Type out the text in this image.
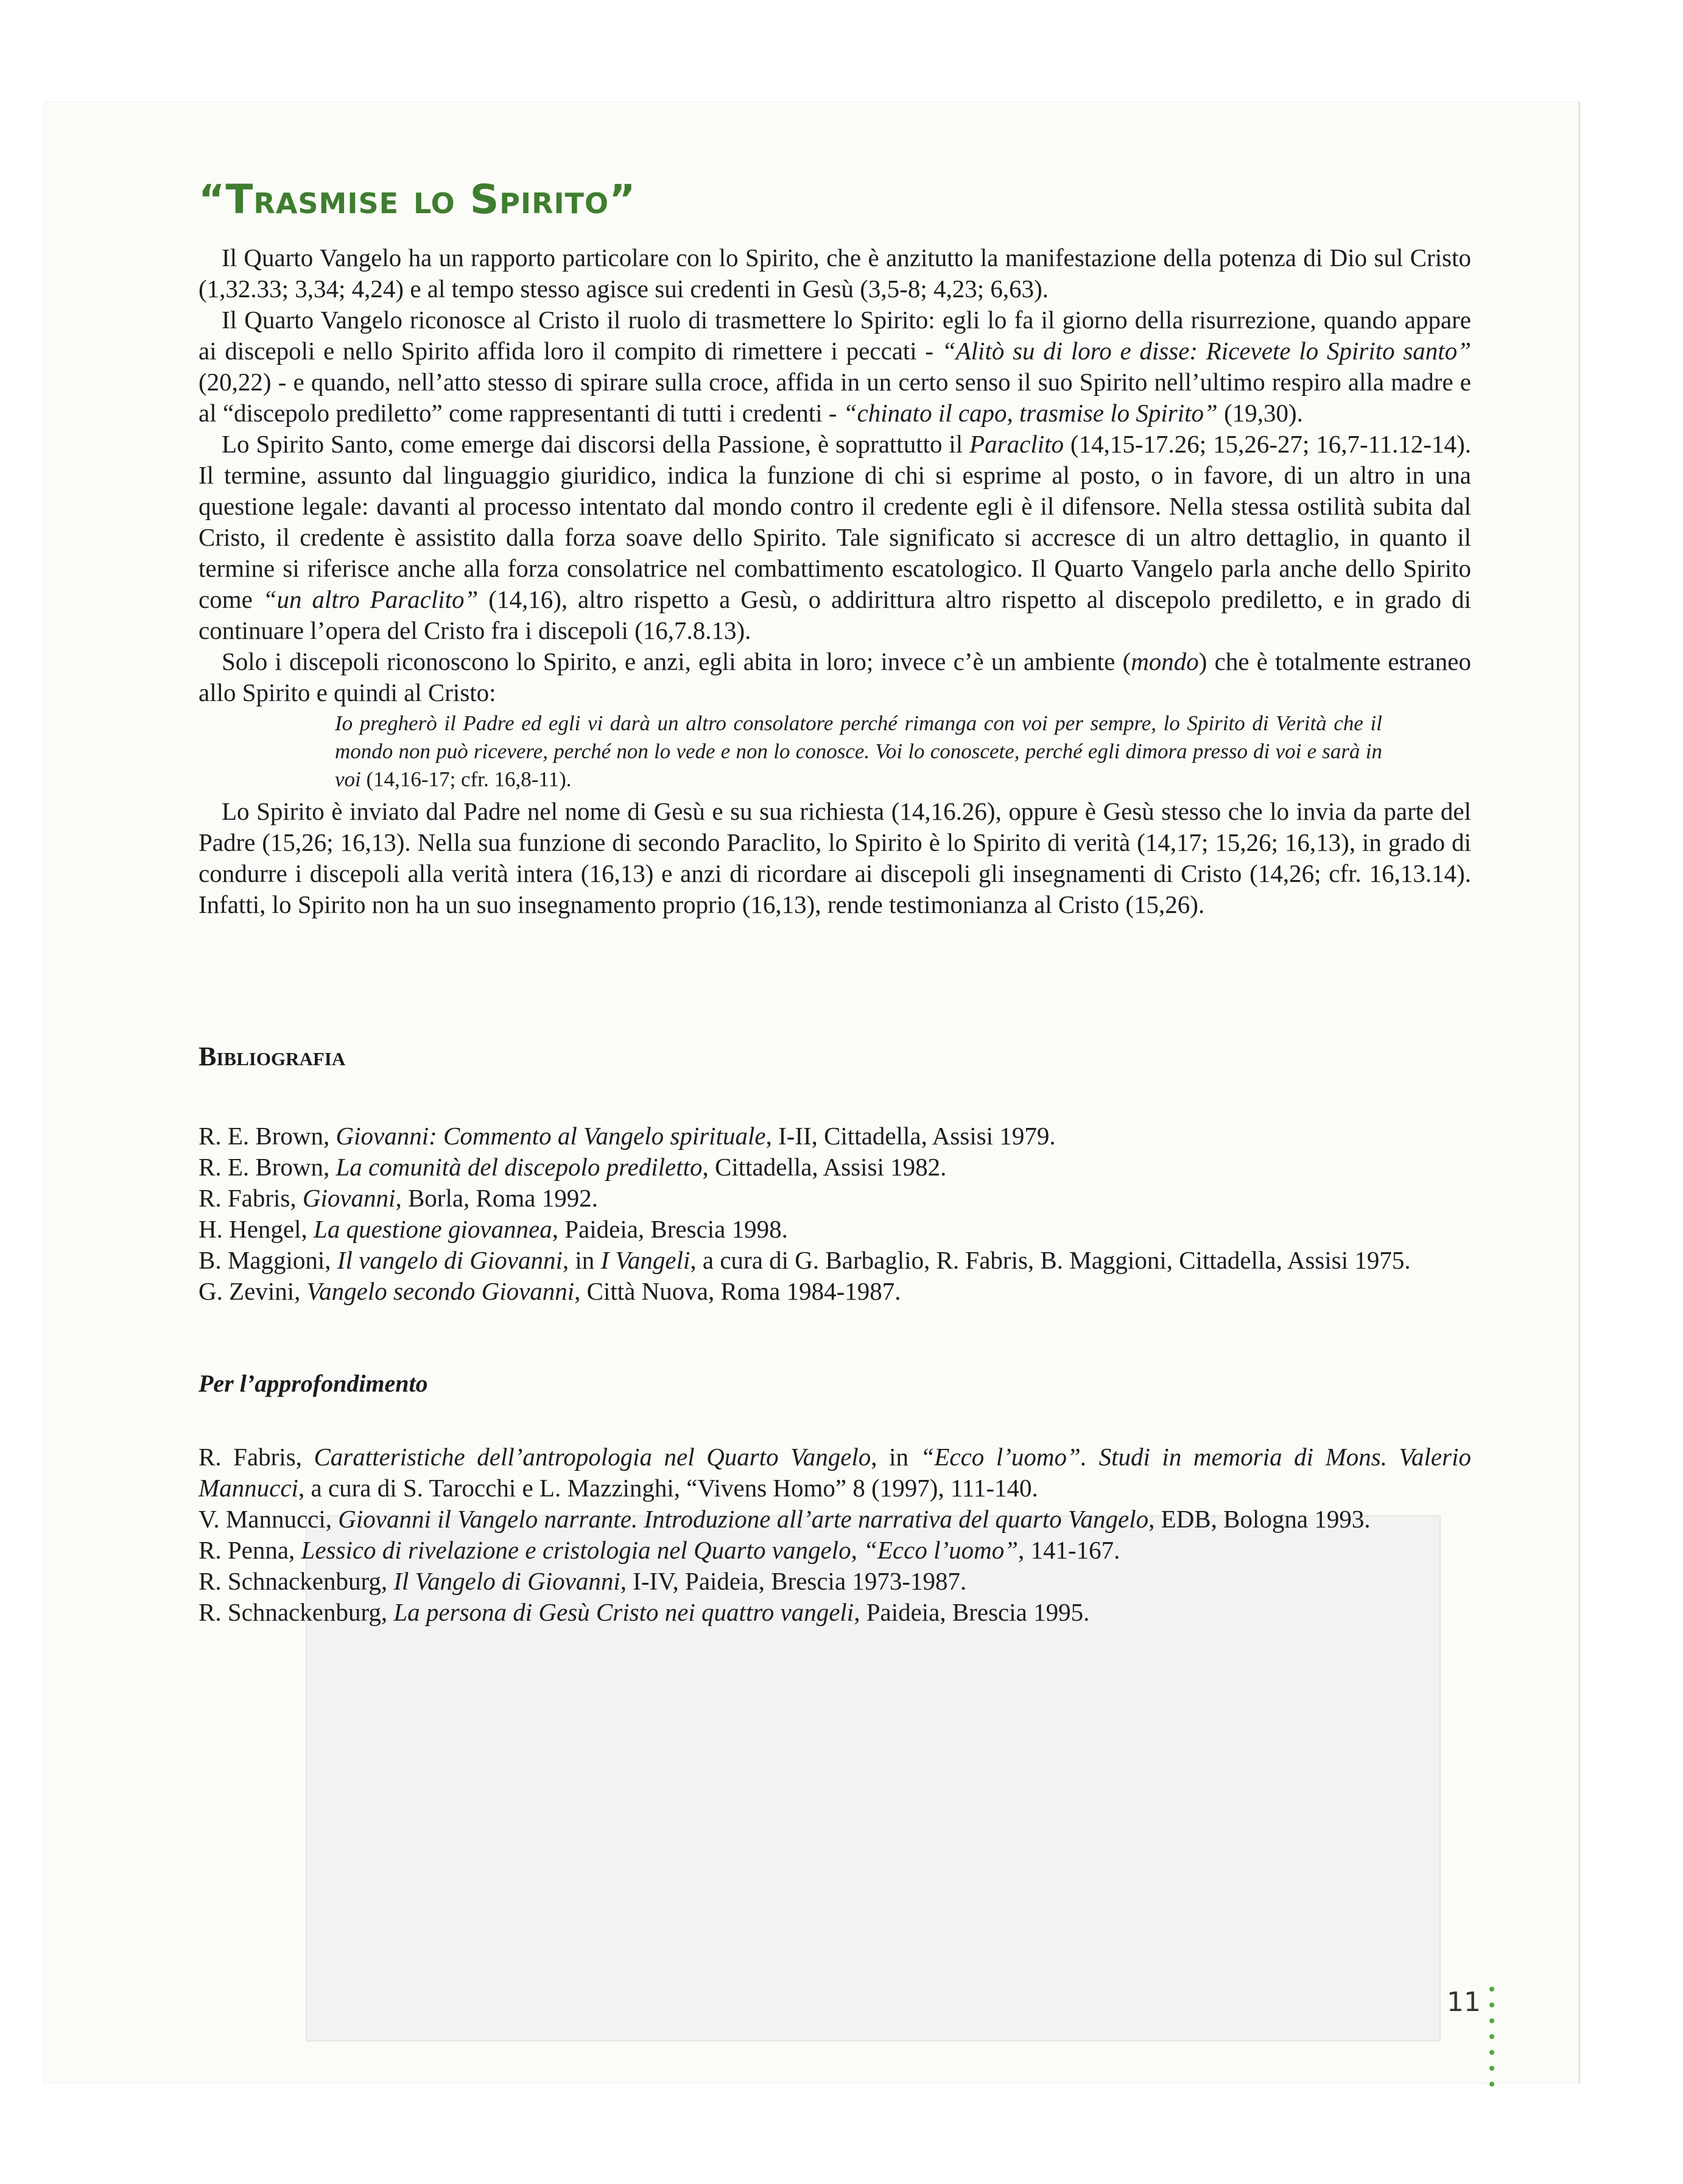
“Trasmise lo Spirito”

Il Quarto Vangelo ha un rapporto particolare con lo Spirito, che è anzitutto la manifestazione della potenza di Dio sul Cristo (1,32.33; 3,34; 4,24) e al tempo stesso agisce sui credenti in Gesù (3,5-8; 4,23; 6,63).

Il Quarto Vangelo riconosce al Cristo il ruolo di trasmettere lo Spirito: egli lo fa il giorno della risurrezione, quando appare ai discepoli e nello Spirito affida loro il compito di rimettere i peccati - “Alitò su di loro e disse: Ricevete lo Spirito santo” (20,22) - e quando, nell’atto stesso di spirare sulla croce, affida in un certo senso il suo Spirito nell’ultimo respiro alla madre e al “discepolo prediletto” come rappresentanti di tutti i credenti - “chinato il capo, trasmise lo Spirito” (19,30).

Lo Spirito Santo, come emerge dai discorsi della Passione, è soprattutto il Paraclito (14,15-17.26; 15,26-27; 16,7-11.12-14). Il termine, assunto dal linguaggio giuridico, indica la funzione di chi si esprime al posto, o in favore, di un altro in una questione legale: davanti al processo intentato dal mondo contro il credente egli è il difensore. Nella stessa ostilità subita dal Cristo, il credente è assistito dalla forza soave dello Spirito. Tale significato si accresce di un altro dettaglio, in quanto il termine si riferisce anche alla forza consolatrice nel combattimento escatologico. Il Quarto Vangelo parla anche dello Spirito come “un altro Paraclito” (14,16), altro rispetto a Gesù, o addirittura altro rispetto al discepolo prediletto, e in grado di continuare l’opera del Cristo fra i discepoli (16,7.8.13).

Solo i discepoli riconoscono lo Spirito, e anzi, egli abita in loro; invece c’è un ambiente (mondo) che è totalmente estraneo allo Spirito e quindi al Cristo:

Io pregherò il Padre ed egli vi darà un altro consolatore perché rimanga con voi per sempre, lo Spirito di Verità che il mondo non può ricevere, perché non lo vede e non lo conosce. Voi lo conoscete, perché egli dimora presso di voi e sarà in voi (14,16-17; cfr. 16,8-11).

Lo Spirito è inviato dal Padre nel nome di Gesù e su sua richiesta (14,16.26), oppure è Gesù stesso che lo invia da parte del Padre (15,26; 16,13). Nella sua funzione di secondo Paraclito, lo Spirito è lo Spirito di verità (14,17; 15,26; 16,13), in grado di condurre i discepoli alla verità intera (16,13) e anzi di ricordare ai discepoli gli insegnamenti di Cristo (14,26; cfr. 16,13.14). Infatti, lo Spirito non ha un suo insegnamento proprio (16,13), rende testimonianza al Cristo (15,26).

Bibliografia
R. E. Brown, Giovanni: Commento al Vangelo spirituale, I-II, Cittadella, Assisi 1979.
R. E. Brown, La comunità del discepolo prediletto, Cittadella, Assisi 1982.
R. Fabris, Giovanni, Borla, Roma 1992.
H. Hengel, La questione giovannea, Paideia, Brescia 1998.
B. Maggioni, Il vangelo di Giovanni, in I Vangeli, a cura di G. Barbaglio, R. Fabris, B. Maggioni, Cittadella, Assisi 1975.
G. Zevini, Vangelo secondo Giovanni, Città Nuova, Roma 1984-1987.
Per l’approfondimento
R. Fabris, Caratteristiche dell’antropologia nel Quarto Vangelo, in “Ecco l’uomo”. Studi in memoria di Mons. Valerio Mannucci, a cura di S. Tarocchi e L. Mazzinghi, “Vivens Homo” 8 (1997), 111-140.
V. Mannucci, Giovanni il Vangelo narrante. Introduzione all’arte narrativa del quarto Vangelo, EDB, Bologna 1993.
R. Penna, Lessico di rivelazione e cristologia nel Quarto vangelo, “Ecco l’uomo”, 141-167.
R. Schnackenburg, Il Vangelo di Giovanni, I-IV, Paideia, Brescia 1973-1987.
R. Schnackenburg, La persona di Gesù Cristo nei quattro vangeli, Paideia, Brescia 1995.
11
